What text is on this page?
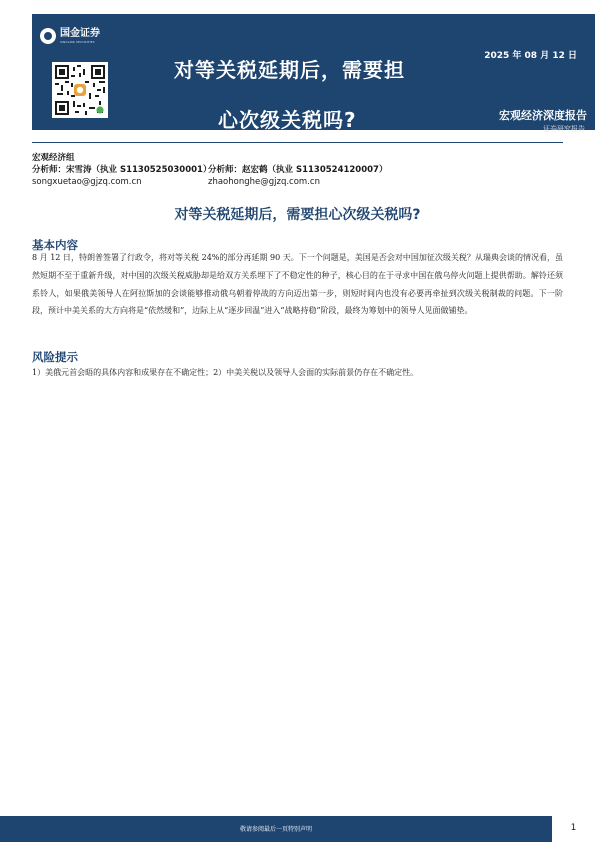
国金证券
SINOLINK SECURITIES
对等关税延期后，需要担
心次级关税吗?
2025 年 08 月 12 日
宏观经济深度报告
证券研究报告
宏观经济组
分析师：宋雪涛（执业 S1130525030001）
分析师：赵宏鹤（执业 S1130524120007）
songxuetao@gjzq.com.cn	zhaohonghe@gjzq.com.cn
对等关税延期后，需要担心次级关税吗?
基本内容
8 月 12 日，特朗普签署了行政令，将对等关税 24%的部分再延期 90 天。下一个问题是，美国是否会对中国加征次级关税？从瑞典会谈的情况看，虽然短期不至于重新升级，对中国的次级关税威胁却是给双方关系埋下了不稳定性的种子，核心目的在于寻求中国在俄乌停火问题上提供帮助。解铃还须系铃人，如果俄美领导人在阿拉斯加的会谈能够推动俄乌朝着停战的方向迈出第一步，则短时间内也没有必要再牵扯到次级关税制裁的问题。下一阶段，预计中美关系的大方向将是“依然缓和”，边际上从“逐步回温”进入“战略持稳”阶段，最终为筹划中的领导人见面做铺垫。
风险提示
1）美俄元首会晤的具体内容和成果存在不确定性；2）中美关税以及领导人会面的实际前景仍存在不确定性。
敬请参阅最后一页特别声明	1
